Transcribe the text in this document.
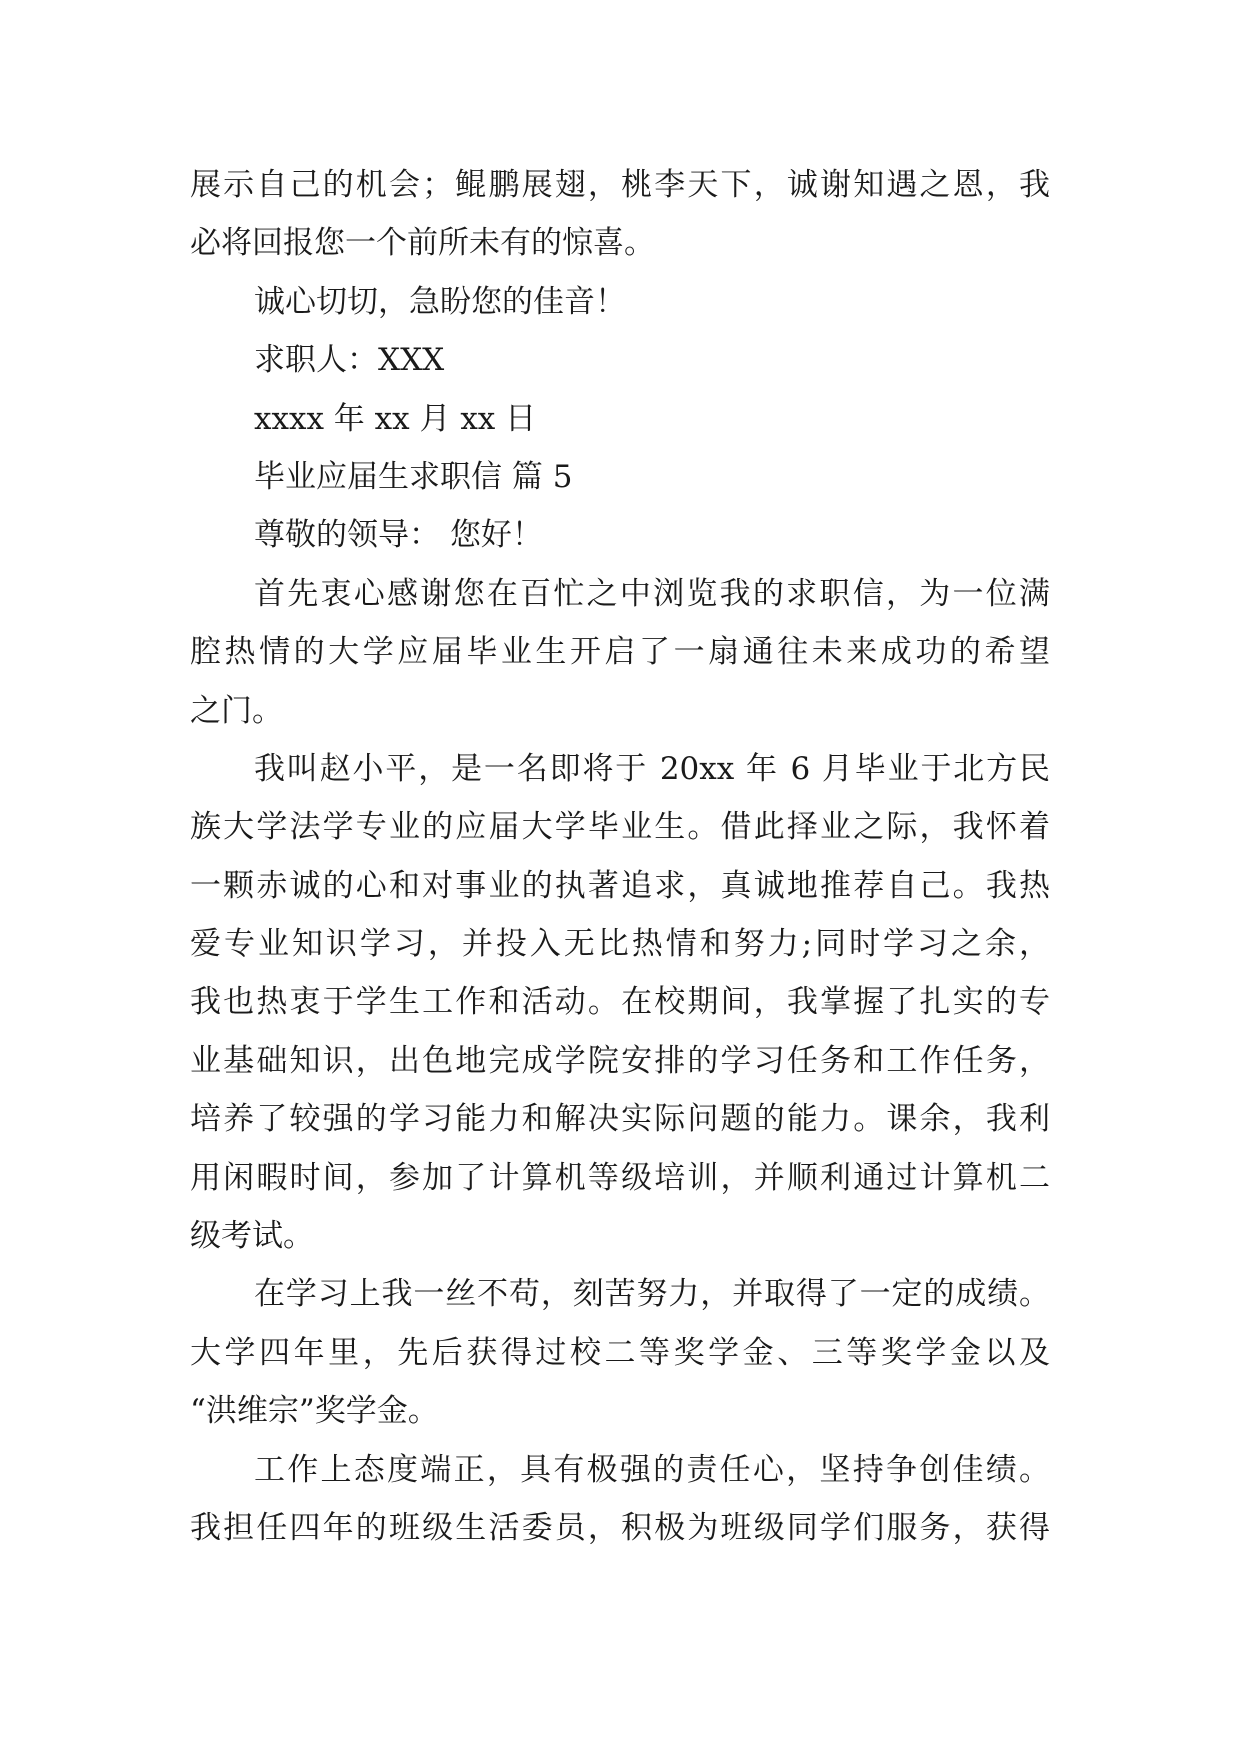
展示自己的机会；鲲鹏展翅，桃李天下，诚谢知遇之恩，我
必将回报您一个前所未有的惊喜。
诚心切切，急盼您的佳音！
求职人：XXX
xxxx 年 xx 月 xx 日
毕业应届生求职信 篇 5
尊敬的领导： 您好！
首先衷心感谢您在百忙之中浏览我的求职信，为一位满
腔热情的大学应届毕业生开启了一扇通往未来成功的希望
之门。
我叫赵小平，是一名即将于 20xx 年 6 月毕业于北方民
族大学法学专业的应届大学毕业生。借此择业之际，我怀着
一颗赤诚的心和对事业的执著追求，真诚地推荐自己。我热
爱专业知识学习，并投入无比热情和努力;同时学习之余，
我也热衷于学生工作和活动。在校期间，我掌握了扎实的专
业基础知识，出色地完成学院安排的学习任务和工作任务，
培养了较强的学习能力和解决实际问题的能力。课余，我利
用闲暇时间，参加了计算机等级培训，并顺利通过计算机二
级考试。
在学习上我一丝不苟，刻苦努力，并取得了一定的成绩。
大学四年里，先后获得过校二等奖学金、三等奖学金以及
“洪维宗”奖学金。
工作上态度端正，具有极强的责任心，坚持争创佳绩。
我担任四年的班级生活委员，积极为班级同学们服务，获得
